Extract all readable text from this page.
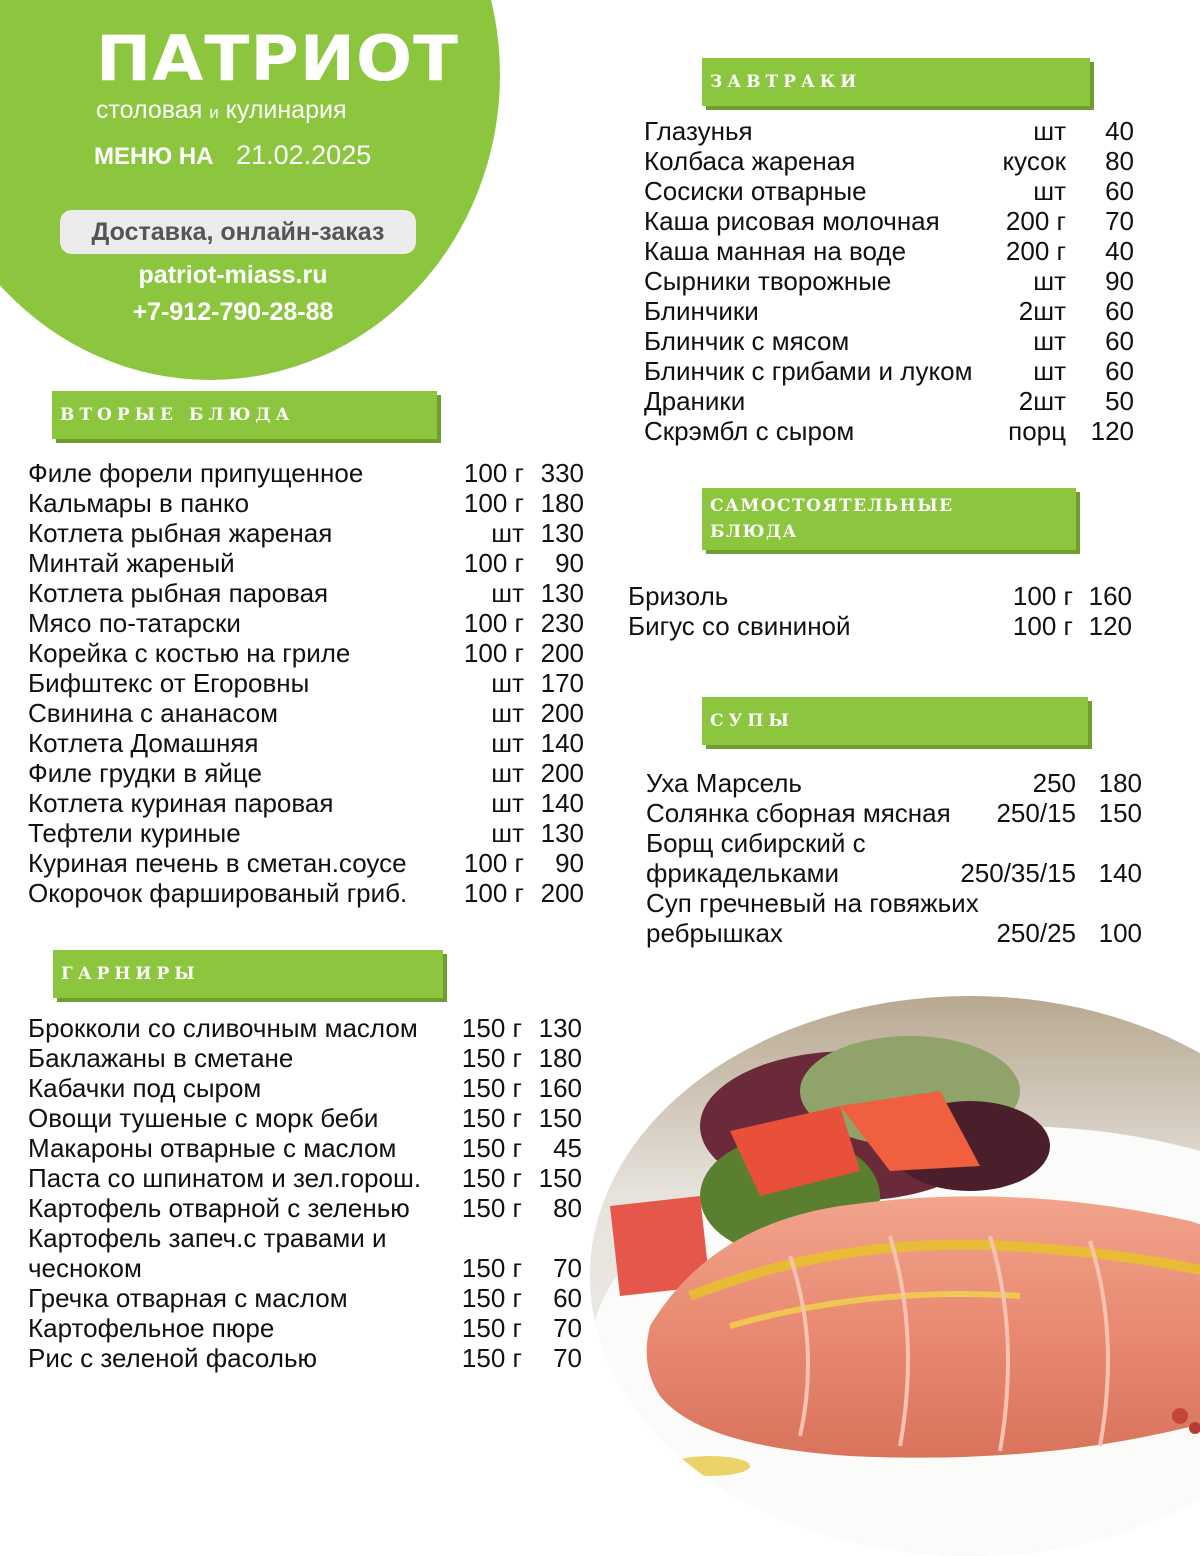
ПАТРИОТ
столовая и кулинария
МЕНЮ НА 21.02.2025
Доставка, онлайн-заказ
patriot-miass.ru
+7-912-790-28-88
ВТОРЫЕ БЛЮДА
Филе форели припущенное	100 г 330
Кальмары в панко	100 г 180
Котлета рыбная жареная	шт 130
Минтай жареный	100 г	90
Котлета рыбная паровая	шт 130
Мясо по-татарски	100 г 230
Корейка с костью на гриле	100 г 200
Бифштекс от Егоровны	шт 170
Свинина с ананасом	шт 200
Котлета Домашняя	шт 140
Филе грудки в яйце	шт 200
Котлета куриная паровая	шт 140
Тефтели куриные	шт 130
Куриная печень в сметан.соусе	100 г	90
Окорочок фаршированый гриб.	100 г 200
ГАРНИРЫ
Брокколи со сливочным маслом	150 г 130
Баклажаны в сметане	150 г 180
Кабачки под сыром	150 г 160
Овощи тушеные с морк беби	150 г 150
Макароны отварные с маслом	150 г	45
Паста со шпинатом и зел.горош.	150 г 150
Картофель отварной с зеленью	150 г	80
Картофель запеч.с травами и
чесноком	150 г	70
Гречка отварная с маслом	150 г	60
Картофельное пюре	150 г	70
Рис с зеленой фасолью	150 г	70
ЗАВТРАКИ
Глазунья	шт	40
Колбаса жареная	кусок	80
Сосиски отварные	шт	60
Каша рисовая молочная	200 г	70
Каша манная на воде	200 г	40
Сырники творожные	шт	90
Блинчики	2шт	60
Блинчик с мясом	шт	60
Блинчик с грибами и луком	шт	60
Драники	2шт	50
Скрэмбл с сыром	порц 120
САМОСТОЯТЕЛЬНЫЕ
БЛЮДА
Бризоль	100 г 160
Бигус со свининой	100 г 120
СУПЫ
Уха Марсель	250 180
Солянка сборная мясная	250/15 150
Борщ сибирский с
фрикадельками	250/35/15 140
Суп гречневый на говяжьих
ребрышках	250/25 100
